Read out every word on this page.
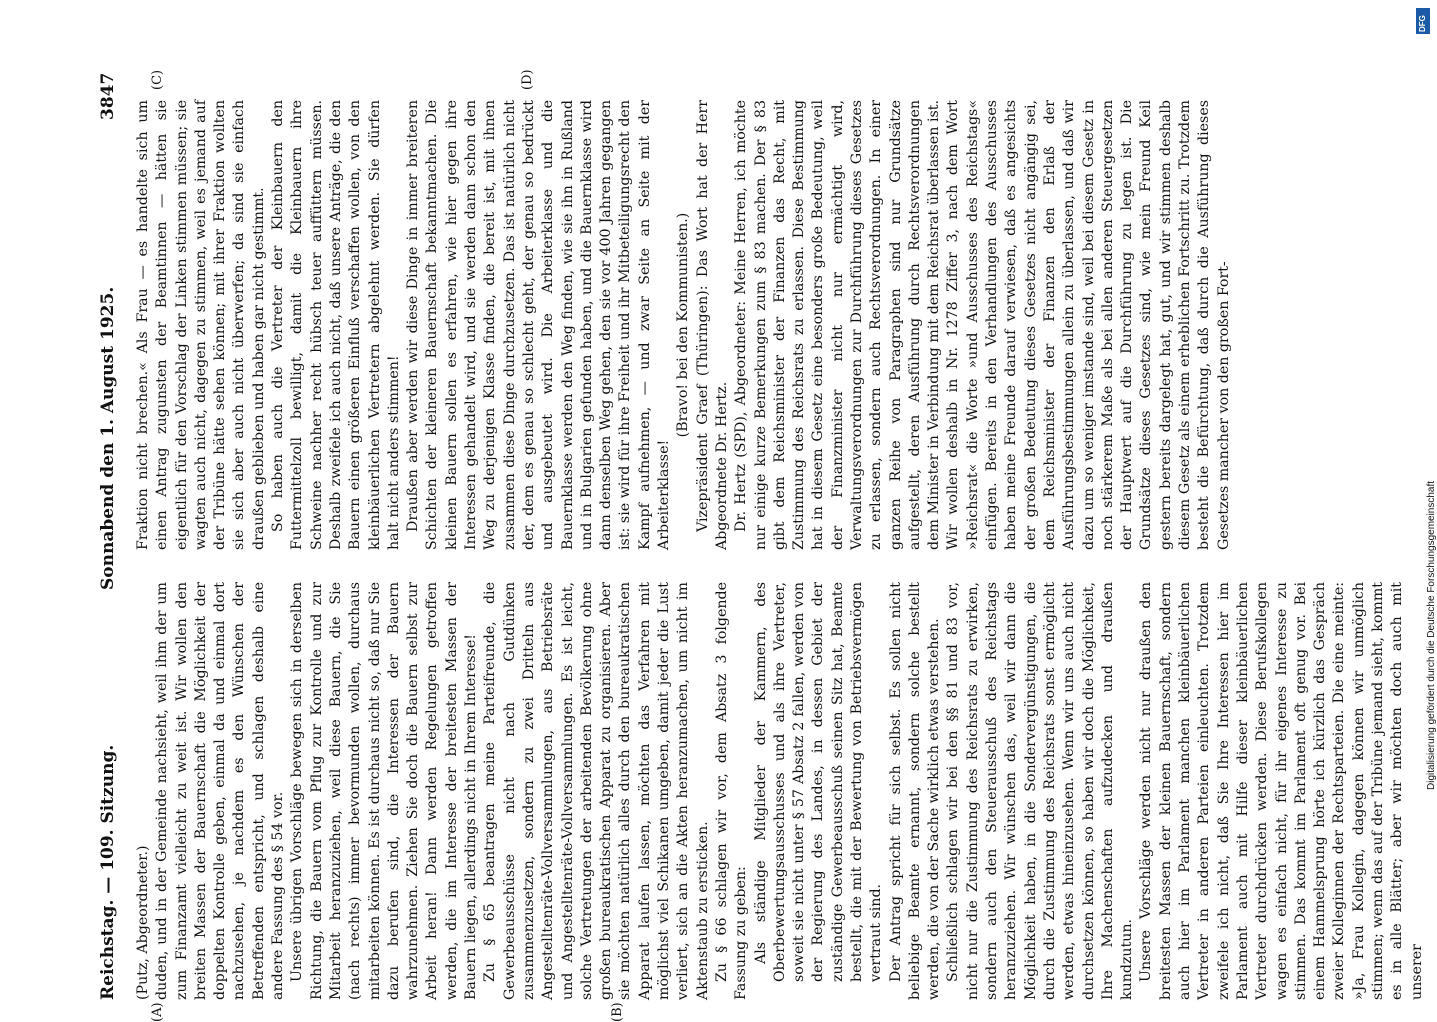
Reichstag. — 109. Sitzung.
Sonnabend den 1. August 1925.
3847
(A)	(B)

(Putz, Abgeordneter.) duden, und in der Gemeinde nachsieht, weil ihm der um zum Finanzamt vielleicht zu weit ist. Wir wollen den breiten Massen der Bauernschaft die Möglichkeit der doppelten Kontrolle geben, einmal da und einmal dort nachzusehen, je nachdem es den Wünschen der Betreffenden entspricht, und schlagen deshalb eine andere Fassung des § 54 vor. Unsere übrigen Vorschläge bewegen sich in derselben Richtung, die Bauern vom Pflug zur Kontrolle und zur Mitarbeit heranzuziehen, weil diese Bauern, die Sie (nach rechts) immer bevormunden wollen, durchaus mitarbeiten können. Es ist durchaus nicht so, daß nur Sie dazu berufen sind, die Interessen der Bauern wahrzunehmen. Ziehen Sie doch die Bauern selbst zur Arbeit heran! Dann werden Regelungen getroffen werden, die im Interesse der breitesten Massen der Bauern liegen, allerdings nicht in Ihrem Interesse! Zu § 65 beantragen meine Parteifreunde, die Gewerbeausschüsse nicht nach Gutdünken zusammenzusetzen, sondern zu zwei Dritteln aus Angestelltenräte-Vollversammlungen, aus Betriebsräte und Angestelltenräte-Vollversammlungen. Es ist leicht, solche Vertretungen der arbeitenden Bevölkerung ohne großen bureaukratischen Apparat zu organisieren. Aber sie möchten natürlich alles durch den bureaukratischen Apparat laufen lassen, möchten das Verfahren mit möglichst viel Schikanen umgeben, damit jeder die Lust verliert, sich an die Akten heranzumachen, um nicht im Aktenstaub zu ersticken. Zu § 66 schlagen wir vor, dem Absatz 3 folgende Fassung zu geben: Als ständige Mitglieder der Kammern, des Oberbewertungsausschusses und als ihre Vertreter, soweit sie nicht unter § 57 Absatz 2 fallen, werden von der Regierung des Landes, in dessen Gebiet der zuständige Gewerbeausschuß seinen Sitz hat, Beamte bestellt, die mit der Bewertung von Betriebsvermögen vertraut sind. Der Antrag spricht für sich selbst. Es sollen nicht beliebige Beamte ernannt, sondern solche bestellt werden, die von der Sache wirklich etwas verstehen. Schließlich schlagen wir bei den §§ 81 und 83 vor, nicht nur die Zustimmung des Reichsrats zu erwirken, sondern auch den Steuerausschuß des Reichstags heranzuziehen. Wir wünschen das, weil wir dann die Möglichkeit haben, in die Sondervergünstigungen, die durch die Zustimmung des Reichsrats sonst ermöglicht werden, etwas hineinzusehen. Wenn wir uns auch nicht durchsetzen können, so haben wir doch die Möglichkeit, Ihre Machenschaften aufzudecken und draußen kundzutun. Unsere Vorschläge werden nicht nur draußen den breitesten Massen der kleinen Bauernschaft, sondern auch hier im Parlament manchen kleinbäuerlichen Vertreter in anderen Parteien einleuchten. Trotzdem zweifele ich nicht, daß Sie Ihre Interessen hier im Parlament auch mit Hilfe dieser kleinbäuerlichen Vertreter durchdrücken werden. Diese Berufskollegen wagen es einfach nicht, für ihr eigenes Interesse zu stimmen. Das kommt im Parlament oft genug vor. Bei einem Hammelsprung hörte ich kürzlich das Gespräch zweier Kolleginnen der Rechtsparteien. Die eine meinte: »Ja, Frau Kollegin, dagegen können wir unmöglich stimmen; wenn das auf der Tribüne jemand sieht, kommt es in alle Blätter; aber wir möchten doch auch mit unserer

Fraktion nicht brechen.« Als Frau — es handelte sich um einen Antrag zugunsten der Beamtinnen — hätten sie eigentlich für den Vorschlag der Linken stimmen müssen; sie wagten auch nicht, dagegen zu stimmen, weil es jemand auf der Tribüne hätte sehen können; mit ihrer Fraktion wollten sie sich aber auch nicht überwerfen; da sind sie einfach draußen geblieben und haben gar nicht gestimmt. So haben auch die Vertreter der Kleinbauern den Futtermittelzoll bewilligt, damit die Kleinbauern ihre Schweine nachher recht hübsch teuer auffüttern müssen. Deshalb zweifele ich auch nicht, daß unsere Anträge, die den Bauern einen größeren Einfluß verschaffen wollen, von den kleinbäuerlichen Vertretern abgelehnt werden. Sie dürfen halt nicht anders stimmen! Draußen aber werden wir diese Dinge in immer breiteren Schichten der kleineren Bauernschaft bekanntmachen. Die kleinen Bauern sollen es erfahren, wie hier gegen ihre Interessen gehandelt wird, und sie werden dann schon den Weg zu derjenigen Klasse finden, die bereit ist, mit ihnen zusammen diese Dinge durchzusetzen. Das ist natürlich nicht der, dem es genau so schlecht geht, der genau so bedrückt und ausgebeutet wird. Die Arbeiterklasse und die Bauernklasse werden den Weg finden, wie sie ihn in Rußland und in Bulgarien gefunden haben, und die Bauernklasse wird dann denselben Weg gehen, den sie vor 400 Jahren gegangen ist: sie wird für ihre Freiheit und ihr Mitbeteiligungsrecht den Kampf aufnehmen, — und zwar Seite an Seite mit der Arbeiterklasse!

(Bravo! bei den Kommunisten.) Vizepräsident Graef (Thüringen): Das Wort hat der Herr Abgeordnete Dr. Hertz. Dr. Hertz (SPD), Abgeordneter: Meine Herren, ich möchte nur einige kurze Bemerkungen zum § 83 machen. Der § 83 gibt dem Reichsminister der Finanzen das Recht, mit Zustimmung des Reichsrats zu erlassen. Diese Bestimmung hat in diesem Gesetz eine besonders große Bedeutung, weil der Finanzminister nicht nur ermächtigt wird, Verwaltungsverordnungen zur Durchführung dieses Gesetzes zu erlassen, sondern auch Rechtsverordnungen. In einer ganzen Reihe von Paragraphen sind nur Grundsätze aufgestellt, deren Ausführung durch Rechtsverordnungen dem Minister in Verbindung mit dem Reichsrat überlassen ist. Wir wollen deshalb in Nr. 1278 Ziffer 3, nach dem Wort »Reichsrat« die Worte »und Ausschusses des Reichstags« einfügen. Bereits in den Verhandlungen des Ausschusses haben meine Freunde darauf verwiesen, daß es angesichts der großen Bedeutung dieses Gesetzes nicht angängig sei, dem Reichsminister der Finanzen den Erlaß der Ausführungsbestimmungen allein zu überlassen, und daß wir dazu um so weniger imstande sind, weil bei diesem Gesetz in noch stärkerem Maße als bei allen anderen Steuergesetzen der Hauptwert auf die Durchführung zu legen ist. Die Grundsätze dieses Gesetzes sind, wie mein Freund Keil gestern bereits dargelegt hat, gut, und wir stimmen deshalb diesem Gesetz als einem erheblichen Fortschritt zu. Trotzdem besteht die Befürchtung, daß durch die Ausführung dieses Gesetzes mancher von den großen Fort-

(C)	(D)
DFG
Digitalisierung gefördert durch die Deutsche Forschungsgemeinschaft
